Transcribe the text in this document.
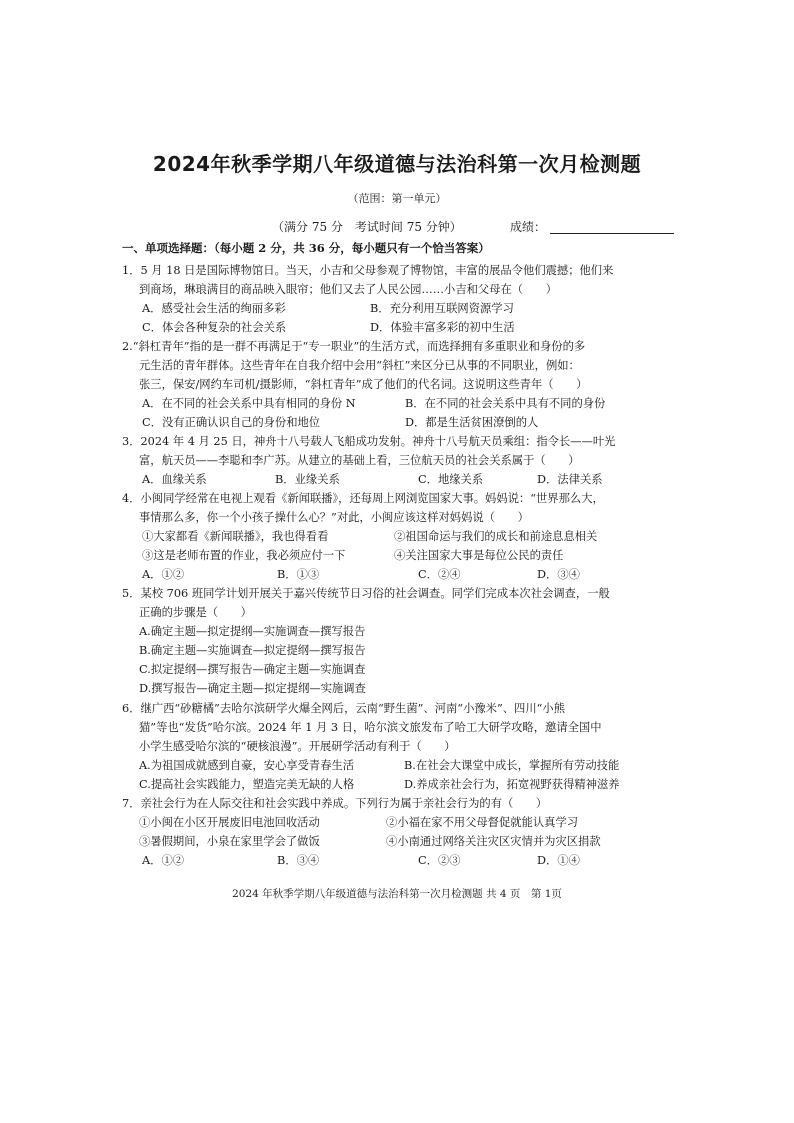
2024年秋季学期八年级道德与法治科第一次月检测题
（范围：第一单元）
（满分 75 分　考试时间 75 分钟）	成绩：
一、单项选择题：（每小题 2 分，共 36 分，每小题只有一个恰当答案）
1．5 月 18 日是国际博物馆日。当天，小吉和父母参观了博物馆，丰富的展品令他们震撼；他们来
到商场，琳琅满目的商品映入眼帘；他们又去了人民公园……小吉和父母在（　　）
A．感受社会生活的绚丽多彩	B．充分利用互联网资源学习
C．体会各种复杂的社会关系	D．体验丰富多彩的初中生活
2.“斜杠青年”指的是一群不再满足于“专一职业”的生活方式，而选择拥有多重职业和身份的多
元生活的青年群体。这些青年在自我介绍中会用“斜杠”来区分已从事的不同职业，例如：
张三，保安/网约车司机/摄影师，“斜杠青年”成了他们的代名词。这说明这些青年（　　）
A．在不同的社会关系中具有相同的身份 N	B．在不同的社会关系中具有不同的身份
C．没有正确认识自己的身份和地位	D．都是生活贫困潦倒的人
3．2024 年 4 月 25 日，神舟十八号载人飞船成功发射。神舟十八号航天员乘组：指令长——叶光
富，航天员——李聪和李广苏。从建立的基础上看，三位航天员的社会关系属于（　　）
A．血缘关系	B．业缘关系	C．地缘关系	D．法律关系
4．小闽同学经常在电视上观看《新闻联播》，还每周上网浏览国家大事。妈妈说：“世界那么大，
事情那么多，你一个小孩子操什么心？”对此，小闽应该这样对妈妈说（　　）
①大家都看《新闻联播》，我也得看看	②祖国命运与我们的成长和前途息息相关
③这是老师布置的作业，我必须应付一下	④关注国家大事是每位公民的责任
A．①②	B．①③	C．②④	D．③④
5．某校 706 班同学计划开展关于嘉兴传统节日习俗的社会调查。同学们完成本次社会调查，一般
正确的步骤是（　　）
A.确定主题—拟定提纲—实施调查—撰写报告
B.确定主题—实施调查—拟定提纲—撰写报告
C.拟定提纲—撰写报告—确定主题—实施调查
D.撰写报告—确定主题—拟定提纲—实施调查
6．继广西“砂糖橘”去哈尔滨研学火爆全网后，云南“野生菌”、河南“小豫米”、四川“小熊
猫”等也“发货”哈尔滨。2024 年 1 月 3 日，哈尔滨文旅发布了哈工大研学攻略，邀请全国中
小学生感受哈尔滨的“硬核浪漫”。开展研学活动有利于（　　）
A.为祖国成就感到自豪，安心享受青春生活	B.在社会大课堂中成长，掌握所有劳动技能
C.提高社会实践能力，塑造完美无缺的人格	D.养成亲社会行为，拓宽视野获得精神滋养
7．亲社会行为在人际交往和社会实践中养成。下列行为属于亲社会行为的有（　　）
①小闽在小区开展废旧电池回收活动	②小福在家不用父母督促就能认真学习
③暑假期间，小泉在家里学会了做饭	④小南通过网络关注灾区灾情并为灾区捐款
A．①②	B．③④	C．②③	D．①④
2024 年秋季学期八年级道德与法治科第一次月检测题 共 4 页　第 1页
